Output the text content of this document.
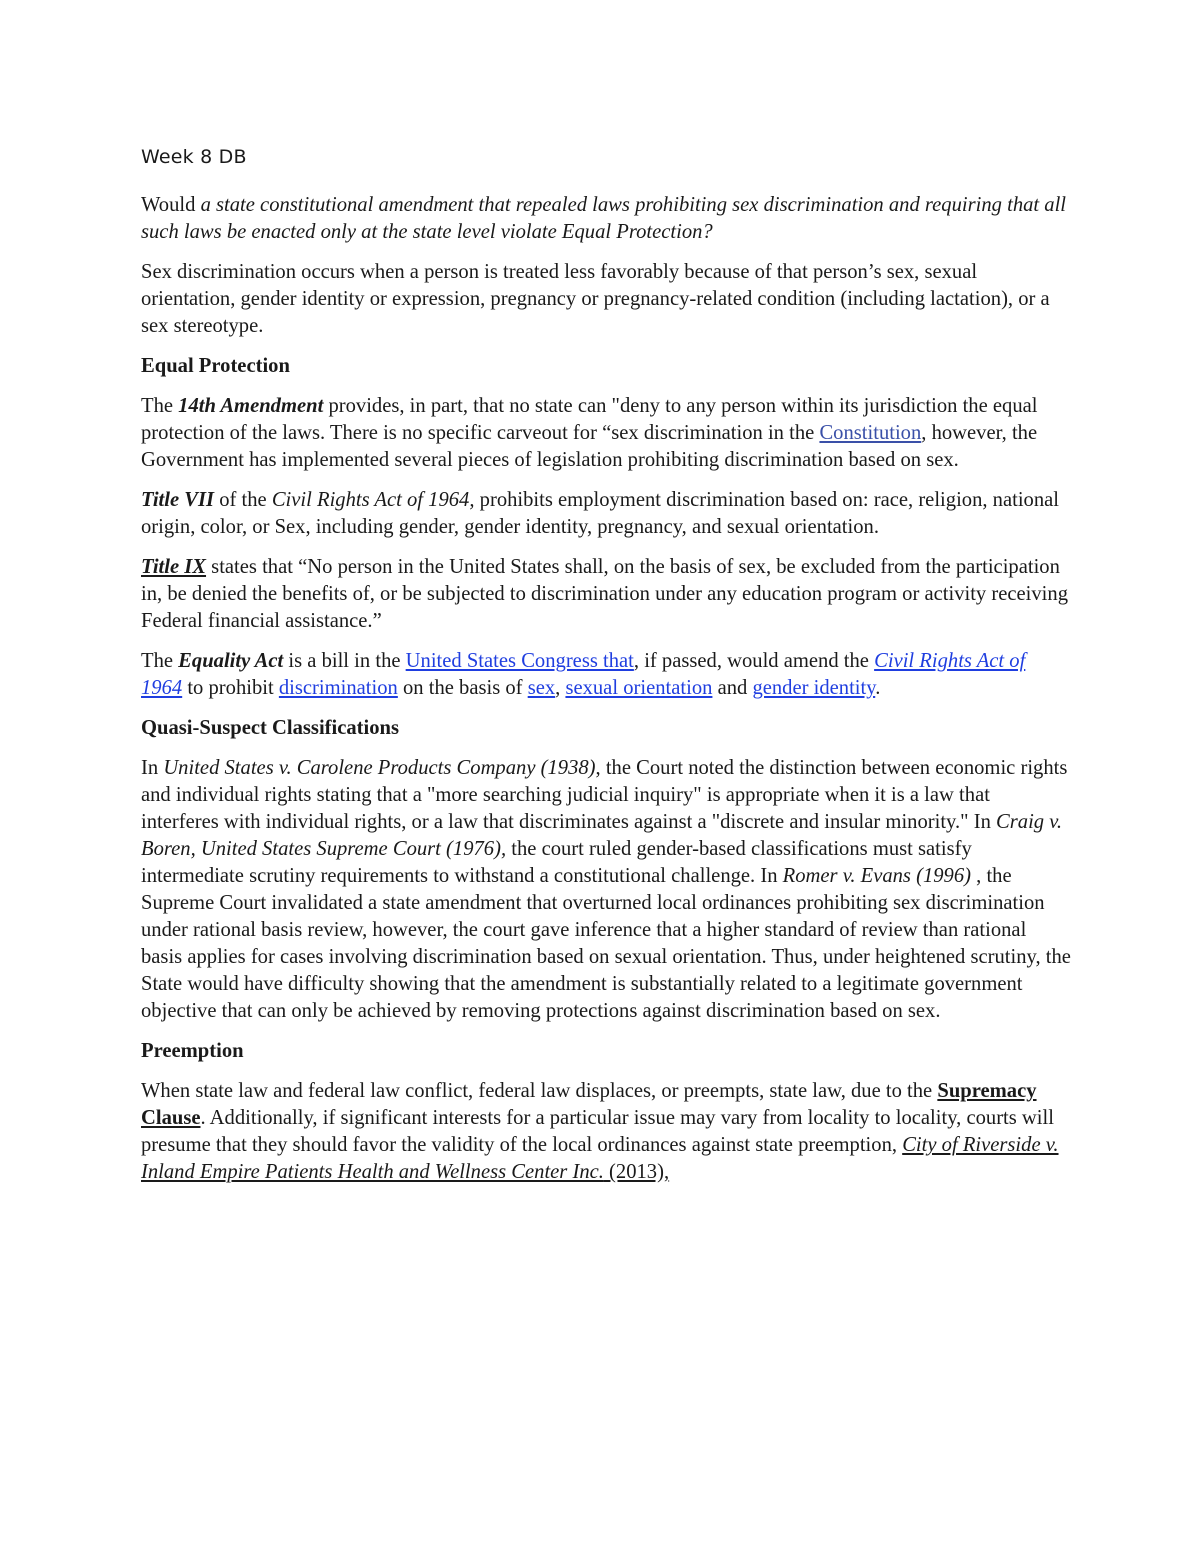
Week 8 DB

Would a state constitutional amendment that repealed laws prohibiting sex discrimination and requiring that all such laws be enacted only at the state level violate Equal Protection?

Sex discrimination occurs when a person is treated less favorably because of that person’s sex, sexual orientation, gender identity or expression, pregnancy or pregnancy-related condition (including lactation), or a sex stereotype.

Equal Protection

The 14th Amendment provides, in part, that no state can "deny to any person within its jurisdiction the equal protection of the laws. There is no specific carveout for “sex discrimination in the Constitution, however, the Government has implemented several pieces of legislation prohibiting discrimination based on sex.

Title VII of the Civil Rights Act of 1964, prohibits employment discrimination based on: race, religion, national origin, color, or Sex, including gender, gender identity, pregnancy, and sexual orientation.

Title IX states that “No person in the United States shall, on the basis of sex, be excluded from the participation in, be denied the benefits of, or be subjected to discrimination under any education program or activity receiving Federal financial assistance.”

The Equality Act is a bill in the United States Congress that, if passed, would amend the Civil Rights Act of 1964 to prohibit discrimination on the basis of sex, sexual orientation and gender identity.

Quasi-Suspect Classifications

In United States v. Carolene Products Company (1938), the Court noted the distinction between economic rights and individual rights stating that a "more searching judicial inquiry" is appropriate when it is a law that interferes with individual rights, or a law that discriminates against a "discrete and insular minority." In Craig v. Boren, United States Supreme Court (1976), the court ruled gender-based classifications must satisfy intermediate scrutiny requirements to withstand a constitutional challenge. In Romer v. Evans (1996) , the Supreme Court invalidated a state amendment that overturned local ordinances prohibiting sex discrimination under rational basis review, however, the court gave inference that a higher standard of review than rational basis applies for cases involving discrimination based on sexual orientation. Thus, under heightened scrutiny, the State would have difficulty showing that the amendment is substantially related to a legitimate government objective that can only be achieved by removing protections against discrimination based on sex.

Preemption

When state law and federal law conflict, federal law displaces, or preempts, state law, due to the Supremacy Clause. Additionally, if significant interests for a particular issue may vary from locality to locality, courts will presume that they should favor the validity of the local ordinances against state preemption, City of Riverside v. Inland Empire Patients Health and Wellness Center Inc. (2013),
